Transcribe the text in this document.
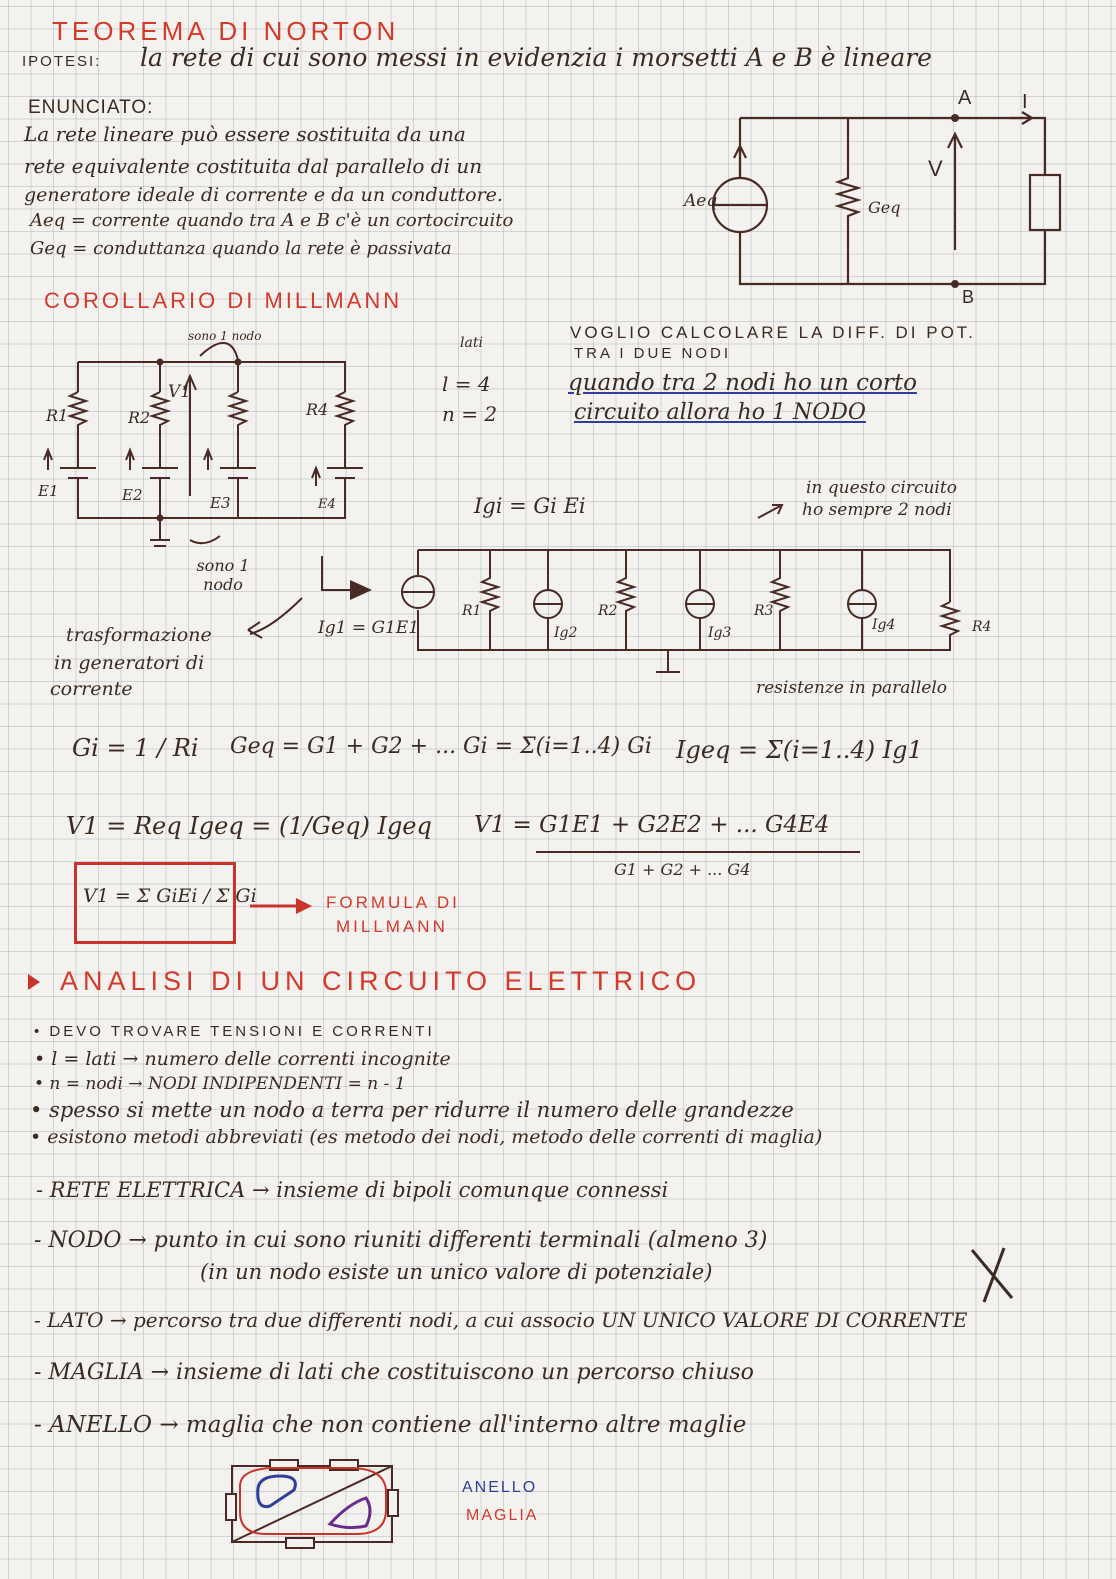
TEOREMA DI NORTON
IPOTESI: la rete di cui sono messi in evidenzia i morsetti A e B è lineare
ENUNCIATO:
La rete lineare può essere sostituita da una
rete equivalente costituita dal parallelo di un
generatore ideale di corrente e da un conduttore.
Aeq = corrente quando tra A e B c'è un cortocircuito
Geq = conduttanza quando la rete è passivata
A I
V
Aeq	Geq
B
COROLLARIO DI MILLMANN
sono 1 nodo
R1	R2
V1
R4
E1	E2	E3	E4
sono 1 nodo
lati
l = 4
n = 2
VOGLIO CALCOLARE LA DIFF. DI POT.
TRA I DUE NODI
quando tra 2 nodi ho un corto
circuito allora ho 1 NODO
Igi = Gi Ei
in questo circuito
ho sempre 2 nodi
Ig1 = G1E1
R1
Ig2
R2
Ig3
R3
Ig4	R4
trasformazione
in generatori di
corrente	resistenze in parallelo
Gi = 1 / Ri Geq = G1 + G2 + ... Gi = Σ(i=1..4) Gi Igeq = Σ(i=1..4) Ig1
V1 = Req Igeq = (1/Geq) Igeq V1 = G1E1 + G2E2 + ... G4E4
G1 + G2 + ... G4
V1 = Σ GiEi / Σ Gi	FORMULA DI
MILLMANN
ANALISI DI UN CIRCUITO ELETTRICO
• DEVO TROVARE TENSIONI E CORRENTI
• l = lati → numero delle correnti incognite
• n = nodi → NODI INDIPENDENTI = n - 1
• spesso si mette un nodo a terra per ridurre il numero delle grandezze
• esistono metodi abbreviati (es metodo dei nodi, metodo delle correnti di maglia)
- RETE ELETTRICA → insieme di bipoli comunque connessi
- NODO → punto in cui sono riuniti differenti terminali (almeno 3)
(in un nodo esiste un unico valore di potenziale)
- LATO → percorso tra due differenti nodi, a cui associo UN UNICO VALORE DI CORRENTE
- MAGLIA → insieme di lati che costituiscono un percorso chiuso
- ANELLO → maglia che non contiene all'interno altre maglie
ANELLO
MAGLIA
